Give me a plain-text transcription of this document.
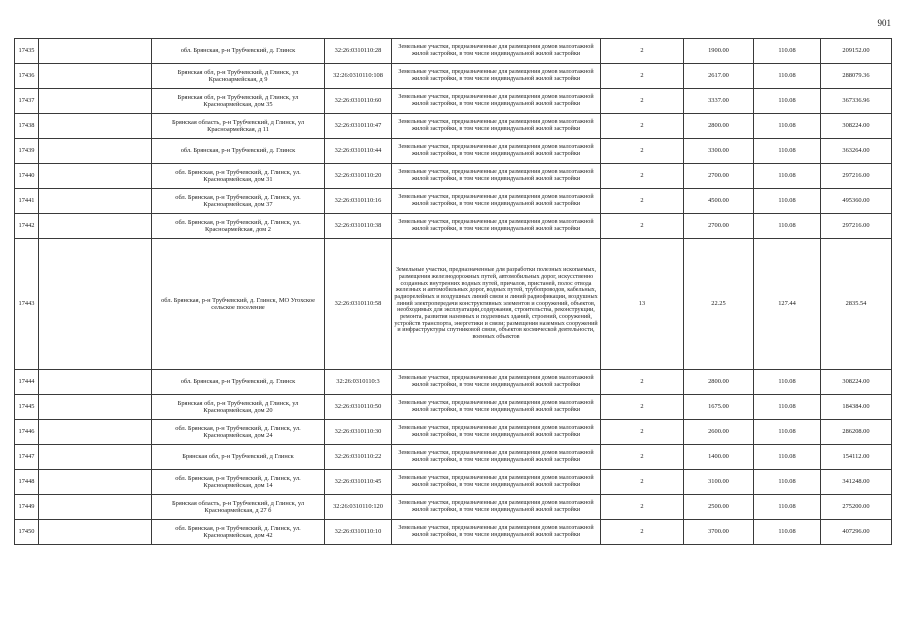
901
17435		обл. Брянская, р-н Трубчевский, д. Глинск	32:26:0310110:28	Земельные участки, предназначенные для размещения домов малоэтажной жилой застройки, в том числе индивидуальной жилой застройки	2	1900.00	110.08	209152.00
17436		Брянская обл, р-н Трубчевский, д Глинск, ул Красноармейская, д 9	32:26:0310110:108	Земельные участки, предназначенные для размещения домов малоэтажной жилой застройки, в том числе индивидуальной жилой застройки	2	2617.00	110.08	288079.36
17437		Брянская обл, р-н Трубчевский, д Глинск, ул Красноармейская, дом 35	32:26:0310110:60	Земельные участки, предназначенные для размещения домов малоэтажной жилой застройки, в том числе индивидуальной жилой застройки	2	3337.00	110.08	367336.96
17438		Брянская область, р-н Трубчевский, д Глинск, ул Красноармейская, д 11	32:26:0310110:47	Земельные участки, предназначенные для размещения домов малоэтажной жилой застройки, в том числе индивидуальной жилой застройки	2	2800.00	110.08	308224.00
17439		обл. Брянская, р-н Трубчевский, д. Глинск	32:26:0310110:44	Земельные участки, предназначенные для размещения домов малоэтажной жилой застройки, в том числе индивидуальной жилой застройки	2	3300.00	110.08	363264.00
17440		обл. Брянская, р-н Трубчевский, д. Глинск, ул. Красноармейская, дом 31	32:26:0310110:20	Земельные участки, предназначенные для размещения домов малоэтажной жилой застройки, в том числе индивидуальной жилой застройки	2	2700.00	110.08	297216.00
17441		обл. Брянская, р-н Трубчевский, д. Глинск, ул. Красноармейская, дом 37	32:26:0310110:16	Земельные участки, предназначенные для размещения домов малоэтажной жилой застройки, в том числе индивидуальной жилой застройки	2	4500.00	110.08	495360.00
17442		обл. Брянская, р-н Трубчевский, д. Глинск, ул. Красноармейская, дом 2	32:26:0310110:38	Земельные участки, предназначенные для размещения домов малоэтажной жилой застройки, в том числе индивидуальной жилой застройки	2	2700.00	110.08	297216.00
17443		обл. Брянская, р-н Трубчевский, д. Глинск, МО Угохское сельское поселение	32:26:0310110:58	Земельные участки, предназначенные для разработки полезных ископаемых, размещения железнодорожных путей, автомобильных дорог, искусственно созданных внутренних водных путей, причалов, пристаней, полос отвода железных и автомобильных дорог, водных путей, трубопроводов, кабельных, радиорелейных и воздушных линий связи и линий радиофикации, воздушных линий электропередачи конструктивных элементов и сооружений, объектов, необходимых для эксплуатации,содержания, строительства, реконструкции, ремонта, развития наземных и подземных зданий, строений, сооружений, устройств транспорта, энергетики и связи; размещения наземных сооружений и инфраструктуры спутниковой связи, объектов космической деятельности, военных объектов	13	22.25	127.44	2835.54
17444		обл. Брянская, р-н Трубчевский, д. Глинск	32:26:0310110:3	Земельные участки, предназначенные для размещения домов малоэтажной жилой застройки, в том числе индивидуальной жилой застройки	2	2800.00	110.08	308224.00
17445		Брянская обл, р-н Трубчевский, д Глинск, ул Красноармейская, дом 20	32:26:0310110:50	Земельные участки, предназначенные для размещения домов малоэтажной жилой застройки, в том числе индивидуальной жилой застройки	2	1675.00	110.08	184384.00
17446		обл. Брянская, р-н Трубчевский, д. Глинск, ул. Красноармейская, дом 24	32:26:0310110:30	Земельные участки, предназначенные для размещения домов малоэтажной жилой застройки, в том числе индивидуальной жилой застройки	2	2600.00	110.08	286208.00
17447		Брянская обл, р-н Трубчевский, д Глинск	32:26:0310110:22	Земельные участки, предназначенные для размещения домов малоэтажной жилой застройки, в том числе индивидуальной жилой застройки	2	1400.00	110.08	154112.00
17448		обл. Брянская, р-н Трубчевский, д. Глинск, ул. Красноармейская, дом 14	32:26:0310110:45	Земельные участки, предназначенные для размещения домов малоэтажной жилой застройки, в том числе индивидуальной жилой застройки	2	3100.00	110.08	341248.00
17449		Брянская область, р-н Трубчевский, д Глинск, ул Красноармейская, д 27 б	32:26:0310110:120	Земельные участки, предназначенные для размещения домов малоэтажной жилой застройки, в том числе индивидуальной жилой застройки	2	2500.00	110.08	275200.00
17450		обл. Брянская, р-н Трубчевский, д. Глинск, ул. Красноармейская, дом 42	32:26:0310110:10	Земельные участки, предназначенные для размещения домов малоэтажной жилой застройки, в том числе индивидуальной жилой застройки	2	3700.00	110.08	407296.00
